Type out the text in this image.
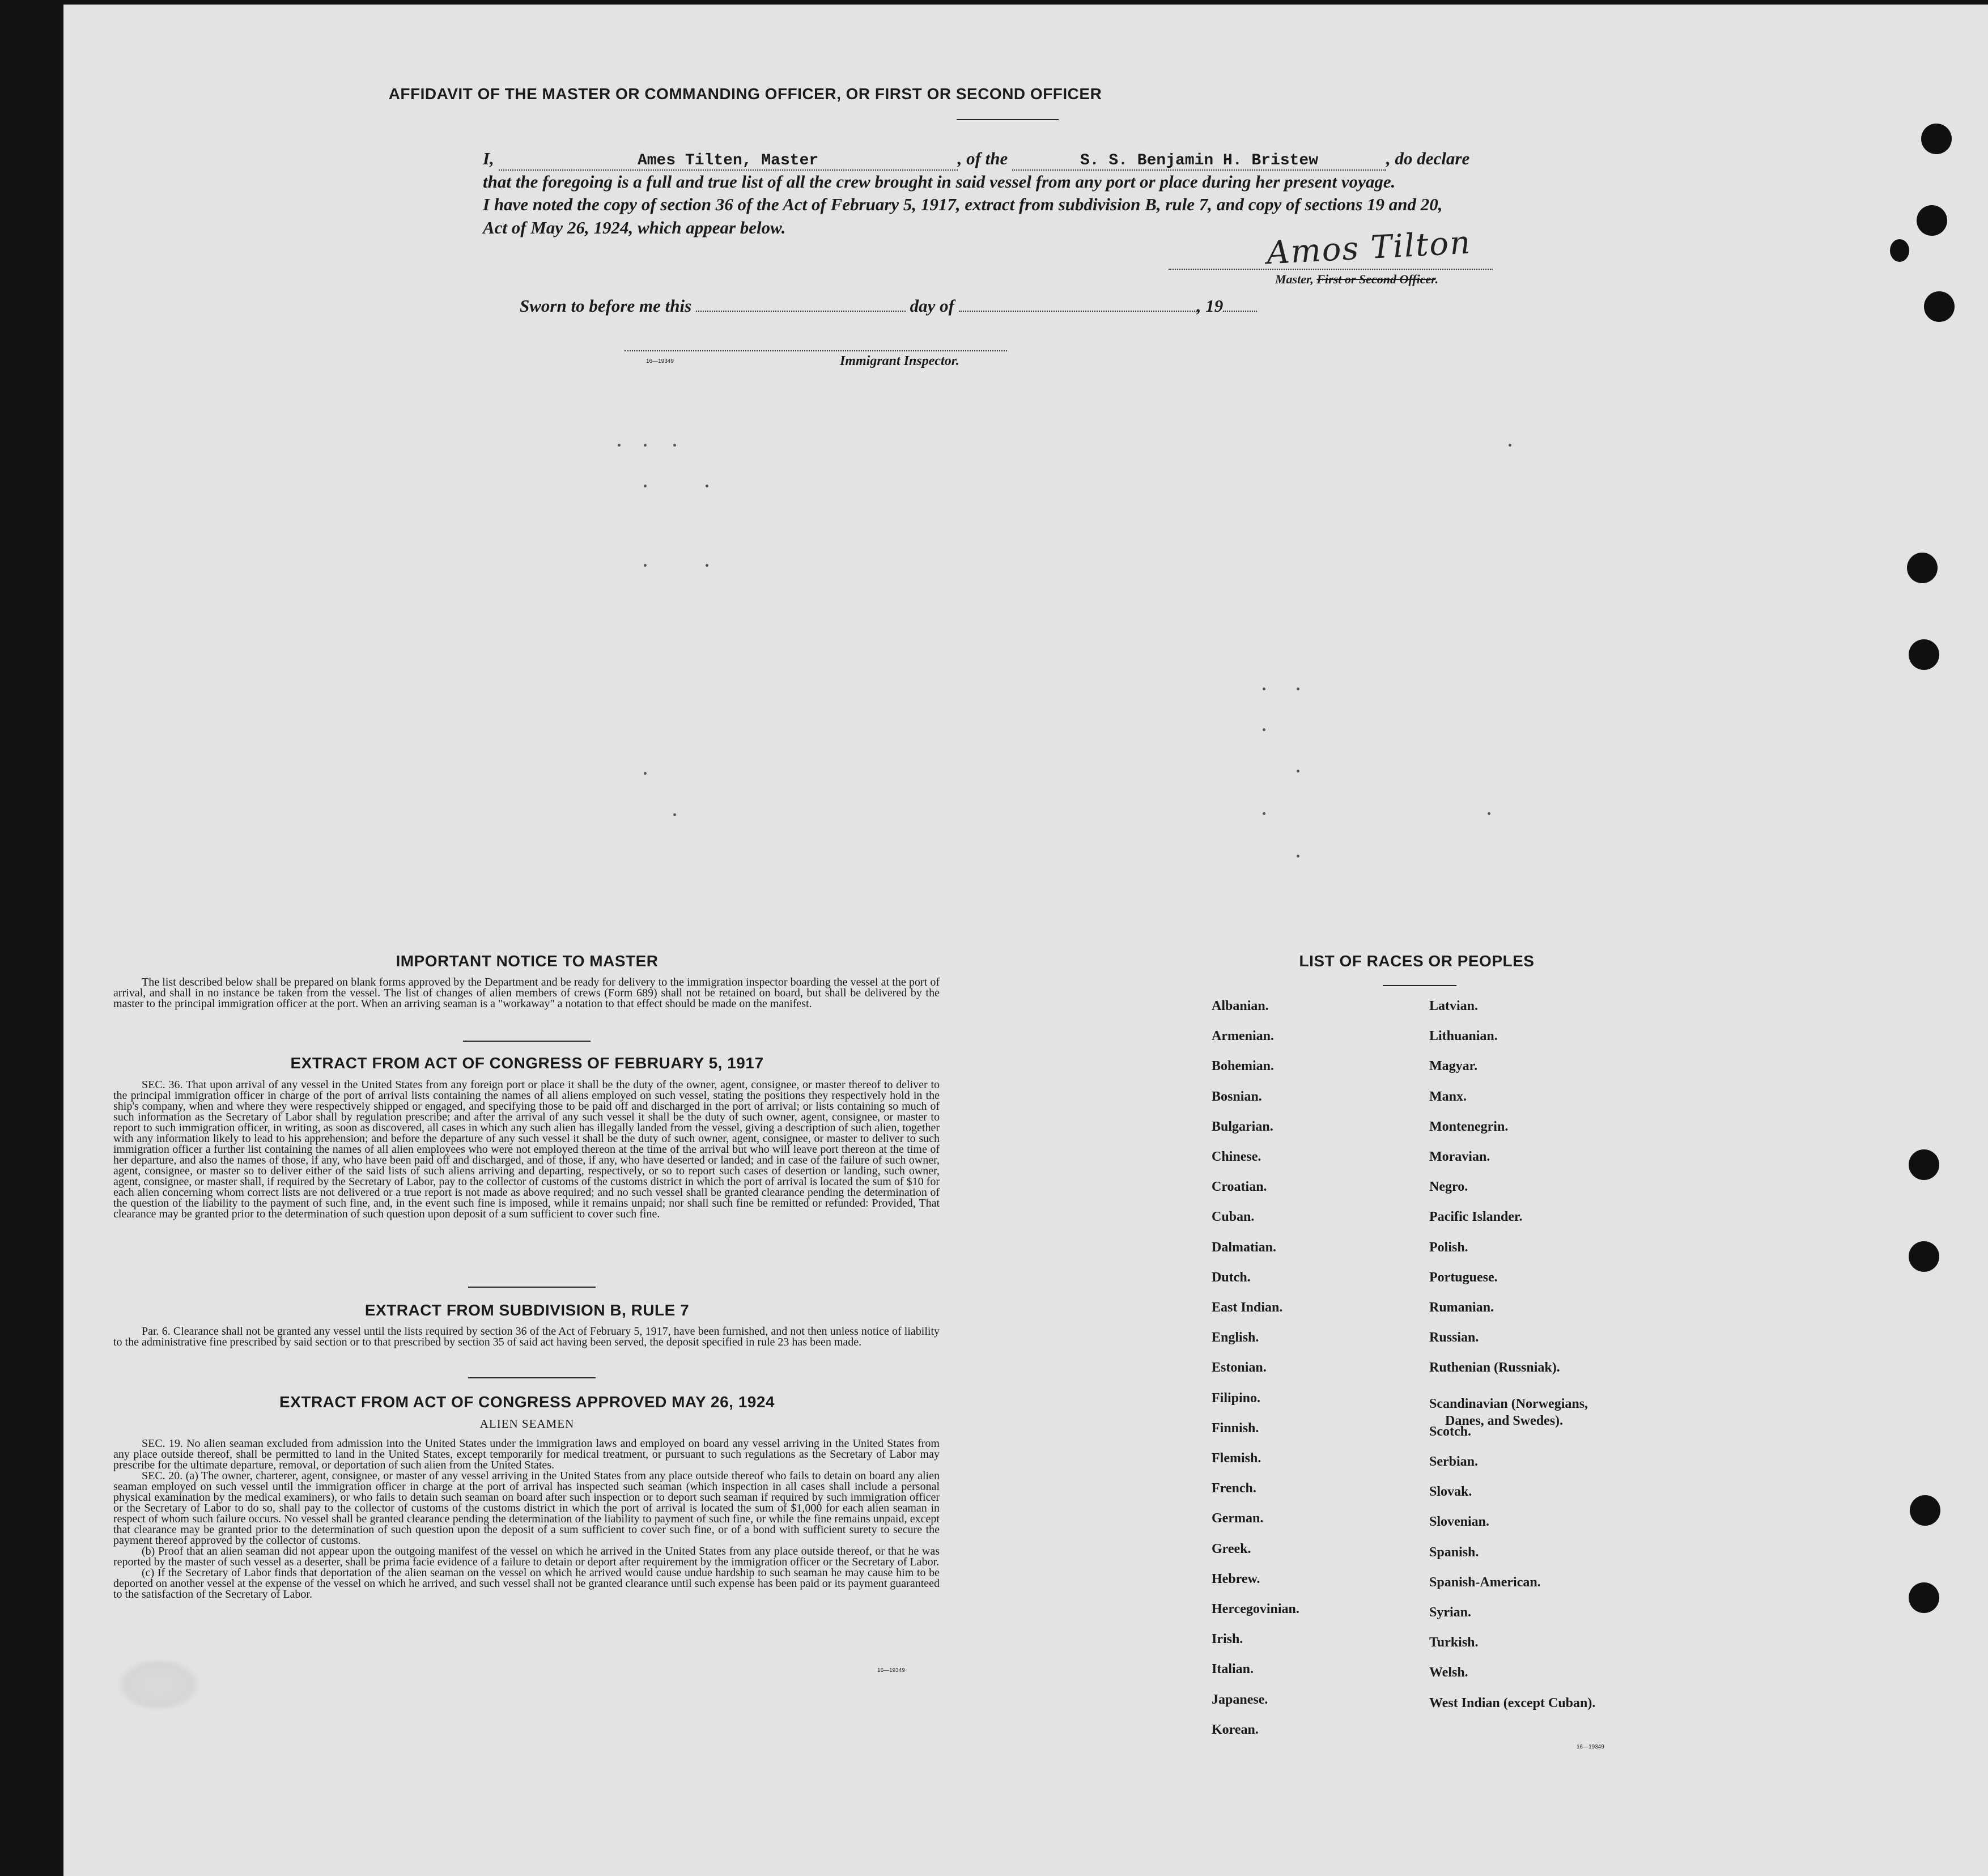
AFFIDAVIT OF THE MASTER OR COMMANDING OFFICER, OR FIRST OR SECOND OFFICER
I,	Ames Tilten, Master	, of the	S. S. Benjamin H. Bristew	, do declare
that the foregoing is a full and true list of all the crew brought in said vessel from any port or place during her present voyage.
I have noted the copy of section 36 of the Act of February 5, 1917, extract from subdivision B, rule 7, and copy of sections 19 and 20,
Act of May 26, 1924, which appear below.	Amos Tilton
Master, First or Second Officer.
Sworn to before me this	day of	, 19
16—19349	Immigrant Inspector.
IMPORTANT NOTICE TO MASTER

The list described below shall be prepared on blank forms approved by the Department and be ready for delivery to the immigration inspector boarding the vessel at the port of arrival, and shall in no instance be taken from the vessel. The list of changes of alien members of crews (Form 689) shall not be retained on board, but shall be delivered by the master to the principal immigration officer at the port. When an arriving seaman is a "workaway" a notation to that effect should be made on the manifest.

EXTRACT FROM ACT OF CONGRESS OF FEBRUARY 5, 1917

SEC. 36. That upon arrival of any vessel in the United States from any foreign port or place it shall be the duty of the owner, agent, consignee, or master thereof to deliver to the principal immigration officer in charge of the port of arrival lists containing the names of all aliens employed on such vessel, stating the positions they respectively hold in the ship's company, when and where they were respectively shipped or engaged, and specifying those to be paid off and discharged in the port of arrival; or lists containing so much of such information as the Secretary of Labor shall by regulation prescribe; and after the arrival of any such vessel it shall be the duty of such owner, agent, consignee, or master to report to such immigration officer, in writing, as soon as discovered, all cases in which any such alien has illegally landed from the vessel, giving a description of such alien, together with any information likely to lead to his apprehension; and before the departure of any such vessel it shall be the duty of such owner, agent, consignee, or master to deliver to such immigration officer a further list containing the names of all alien employees who were not employed thereon at the time of the arrival but who will leave port thereon at the time of her departure, and also the names of those, if any, who have been paid off and discharged, and of those, if any, who have deserted or landed; and in case of the failure of such owner, agent, consignee, or master so to deliver either of the said lists of such aliens arriving and departing, respectively, or so to report such cases of desertion or landing, such owner, agent, consignee, or master shall, if required by the Secretary of Labor, pay to the collector of customs of the customs district in which the port of arrival is located the sum of $10 for each alien concerning whom correct lists are not delivered or a true report is not made as above required; and no such vessel shall be granted clearance pending the determination of the question of the liability to the payment of such fine, and, in the event such fine is imposed, while it remains unpaid; nor shall such fine be remitted or refunded: Provided, That clearance may be granted prior to the determination of such question upon deposit of a sum sufficient to cover such fine.

EXTRACT FROM SUBDIVISION B, RULE 7

Par. 6. Clearance shall not be granted any vessel until the lists required by section 36 of the Act of February 5, 1917, have been furnished, and not then unless notice of liability to the administrative fine prescribed by said section or to that prescribed by section 35 of said act having been served, the deposit specified in rule 23 has been made.

EXTRACT FROM ACT OF CONGRESS APPROVED MAY 26, 1924
ALIEN SEAMEN

SEC. 19. No alien seaman excluded from admission into the United States under the immigration laws and employed on board any vessel arriving in the United States from any place outside thereof, shall be permitted to land in the United States, except temporarily for medical treatment, or pursuant to such regulations as the Secretary of Labor may prescribe for the ultimate departure, removal, or deportation of such alien from the United States.

SEC. 20. (a) The owner, charterer, agent, consignee, or master of any vessel arriving in the United States from any place outside thereof who fails to detain on board any alien seaman employed on such vessel until the immigration officer in charge at the port of arrival has inspected such seaman (which inspection in all cases shall include a personal physical examination by the medical examiners), or who fails to detain such seaman on board after such inspection or to deport such seaman if required by such immigration officer or the Secretary of Labor to do so, shall pay to the collector of customs of the customs district in which the port of arrival is located the sum of $1,000 for each alien seaman in respect of whom such failure occurs. No vessel shall be granted clearance pending the determination of the liability to payment of such fine, or while the fine remains unpaid, except that clearance may be granted prior to the determination of such question upon the deposit of a sum sufficient to cover such fine, or of a bond with sufficient surety to secure the payment thereof approved by the collector of customs.

(b) Proof that an alien seaman did not appear upon the outgoing manifest of the vessel on which he arrived in the United States from any place outside thereof, or that he was reported by the master of such vessel as a deserter, shall be prima facie evidence of a failure to detain or deport after requirement by the immigration officer or the Secretary of Labor.

(c) If the Secretary of Labor finds that deportation of the alien seaman on the vessel on which he arrived would cause undue hardship to such seaman he may cause him to be deported on another vessel at the expense of the vessel on which he arrived, and such vessel shall not be granted clearance until such expense has been paid or its payment guaranteed to the satisfaction of the Secretary of Labor.

16—19349
LIST OF RACES OR PEOPLES
Albanian.
Armenian.
Bohemian.
Bosnian.
Bulgarian.
Chinese.
Croatian.
Cuban.
Dalmatian.
Dutch.
East Indian.
English.
Estonian.
Filipino.
Finnish.
Flemish.
French.
German.
Greek.
Hebrew.
Hercegovinian.
Irish.
Italian.
Japanese.
Korean.
Latvian.
Lithuanian.
Magyar.
Manx.
Montenegrin.
Moravian.
Negro.
Pacific Islander.
Polish.
Portuguese.
Rumanian.
Russian.
Ruthenian (Russniak).
Scandinavian (Norwegians,
Danes, and Swedes).
Scotch.
Serbian.
Slovak.
Slovenian.
Spanish.
Spanish-American.
Syrian.
Turkish.
Welsh.
West Indian (except Cuban).
16—19349
